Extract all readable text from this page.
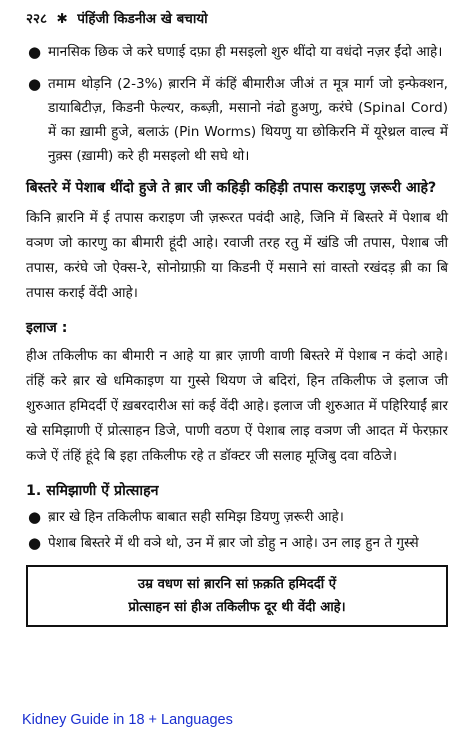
२२८ ✱ पंहिंजी किडनीअ खे बचायो
● मानसिक छिक जे करे घणाई दफ़ा ही मसइलो शुरु थींदो या वधंदो नज़र ईंदो आहे।
● तमाम थोड़नि (2-3%) ब़ारनि में कंहिं बीमारीअ जीअं त मूत्र मार्ग जो इन्फेक्शन, डायाबिटीज़, किडनी फेल्यर, कब्ज़ी, मसानो नंढो हुअणु, करंघे (Spinal Cord) में का ख़ामी हुजे, बलाऊं (Pin Worms) थियणु या छोकिरनि में यूरेथ्रल वाल्व में नुक़्स (ख़ामी) करे ही मसइलो थी सघे थो।
बिस्तरे में पेशाब थींदो हुजे ते ब़ार जी कहिड़ी कहिड़ी तपास कराइणु ज़रूरी आहे?

किनि ब़ारनि में ई तपास कराइण जी ज़रूरत पवंदी आहे, जिनि में बिस्तरे में पेशाब थी वञण जो कारणु का बीमारी हूंदी आहे। रवाजी तरह रतु में खंडि जी तपास, पेशाब जी तपास, करंघे जो ऐक्स-रे, सोनोग्राफ़ी या किडनी ऐं मसाने सां वास्तो रखंदड़ ब़ी का बि तपास कराई वेंदी आहे।

इलाज :

हीअ तकिलीफ का बीमारी न आहे या ब़ार ज़ाणी वाणी बिस्तरे में पेशाब न कंदो आहे। तंहिं करे ब़ार खे धमिकाइण या गुस्से थियण जे बदिरां, हिन तकिलीफ जे इलाज जी शुरुआत हमिदर्दी ऐं ख़बरदारीअ सां कई वेंदी आहे। इलाज जी शुरुआत में पहिरियाईं ब़ार खे समिझाणी ऐं प्रोत्साहन डिजे, पाणी वठण ऐं पेशाब लाइ वञण जी आदत में फेरफ़ार कजे ऐं तंहिं हूंदे बि इहा तकिलीफ रहे त डॉक्टर जी सलाह मूजिबु दवा वठिजे।

1. समिझाणी ऐं प्रोत्साहन
● ब़ार खे हिन तकिलीफ बाबात सही समिझ डियणु ज़रूरी आहे।
● पेशाब बिस्तरे में थी वञे थो, उन में ब़ार जो डोहु न आहे। उन लाइ हुन ते गुस्से
उम्र वधण सां ब़ारनि सां फ़क़ति हमिदर्दी ऐं
प्रोत्साहन सां हीअ तकिलीफ दूर थी वेंदी आहे।
Kidney Guide in 18 + Languages
